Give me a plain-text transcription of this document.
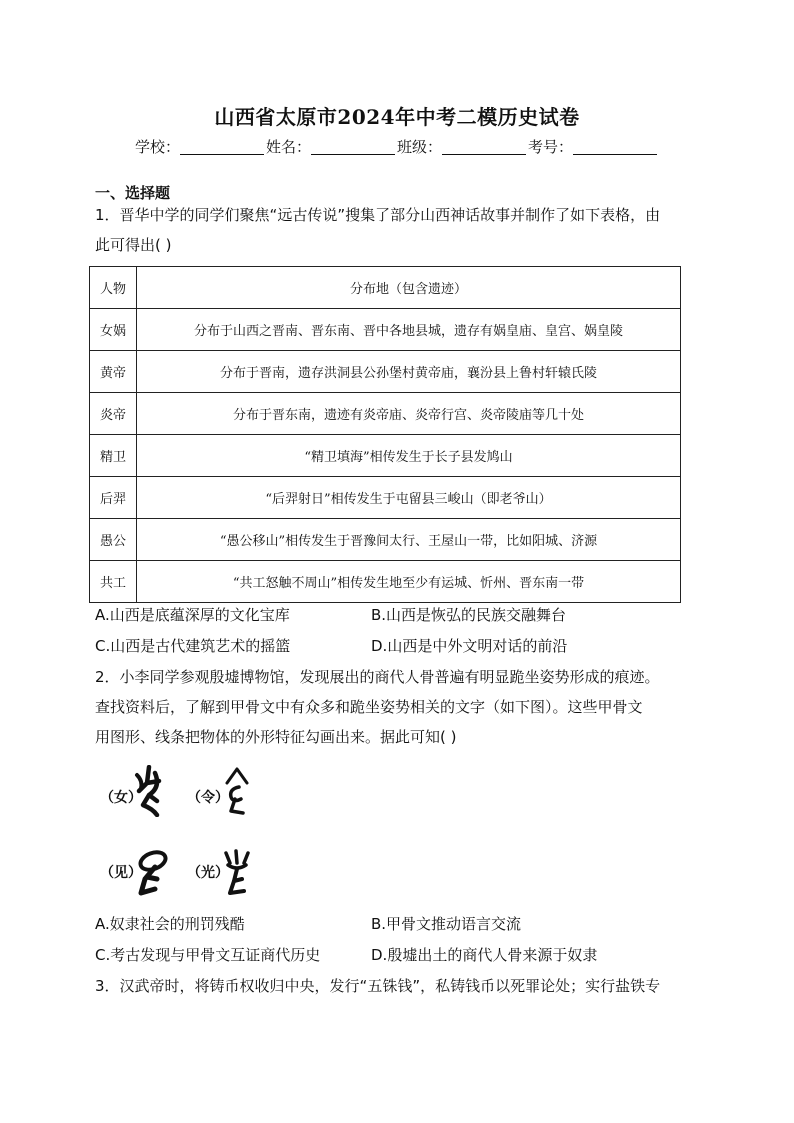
山西省太原市2024年中考二模历史试卷
学校：	姓名：	班级：	考号：
一、选择题
1．晋华中学的同学们聚焦“远古传说”搜集了部分山西神话故事并制作了如下表格，由
此可得出( )
人物	分布地（包含遗迹）
女娲	分布于山西之晋南、晋东南、晋中各地县城，遗存有娲皇庙、皇宫、娲皇陵
黄帝	分布于晋南，遗存洪洞县公孙堡村黄帝庙，襄汾县上鲁村轩辕氏陵
炎帝	分布于晋东南，遗迹有炎帝庙、炎帝行宫、炎帝陵庙等几十处
精卫	“精卫填海”相传发生于长子县发鸠山
后羿	“后羿射日”相传发生于屯留县三峻山（即老爷山）
愚公	“愚公移山”相传发生于晋豫间太行、王屋山一带，比如阳城、济源
共工	“共工怒触不周山”相传发生地至少有运城、忻州、晋东南一带
A.山西是底蕴深厚的文化宝库	B.山西是恢弘的民族交融舞台
C.山西是古代建筑艺术的摇篮	D.山西是中外文明对话的前沿
2．小李同学参观殷墟博物馆，发现展出的商代人骨普遍有明显跪坐姿势形成的痕迹。
查找资料后，了解到甲骨文中有众多和跪坐姿势相关的文字（如下图）。这些甲骨文
用图形、线条把物体的外形特征勾画出来。据此可知( )
（女）	（令）
（见）	（光）
A.奴隶社会的刑罚残酷	B.甲骨文推动语言交流
C.考古发现与甲骨文互证商代历史	D.殷墟出土的商代人骨来源于奴隶
3．汉武帝时，将铸币权收归中央，发行“五铢钱”，私铸钱币以死罪论处；实行盐铁专
